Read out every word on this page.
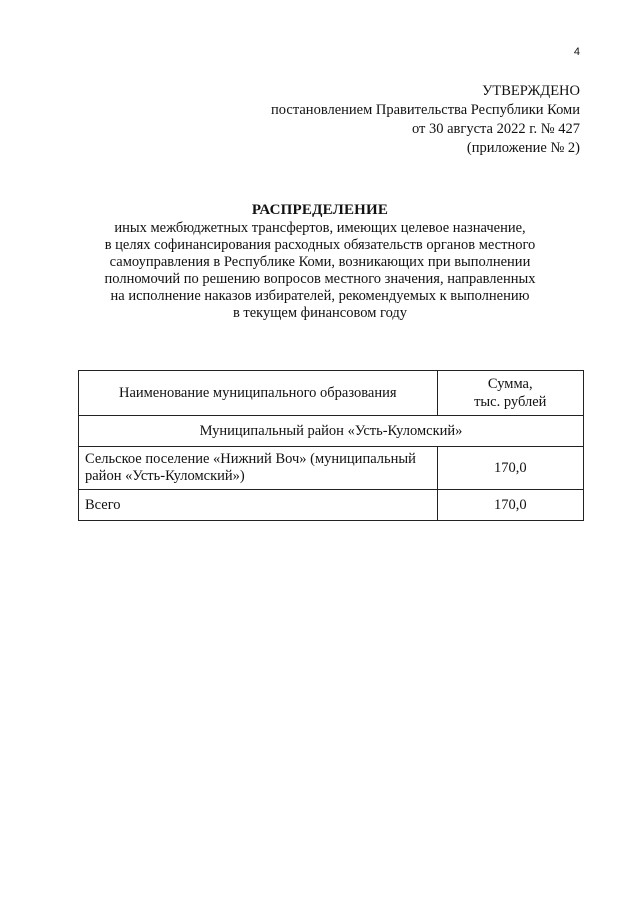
4
УТВЕРЖДЕНО
постановлением Правительства Республики Коми
от 30 августа 2022 г. № 427
(приложение № 2)
РАСПРЕДЕЛЕНИЕ
иных межбюджетных трансфертов, имеющих целевое назначение,
в целях софинансирования расходных обязательств органов местного
самоуправления в Республике Коми, возникающих при выполнении
полномочий по решению вопросов местного значения, направленных
на исполнение наказов избирателей, рекомендуемых к выполнению
в текущем финансовом году
Наименование муниципального образования	Сумма,
тыс. рублей

Муниципальный район «Усть-Куломский»	
Сельское поселение «Нижний Воч» (муниципальный район «Усть-Куломский»)	170,0
Всего	170,0
